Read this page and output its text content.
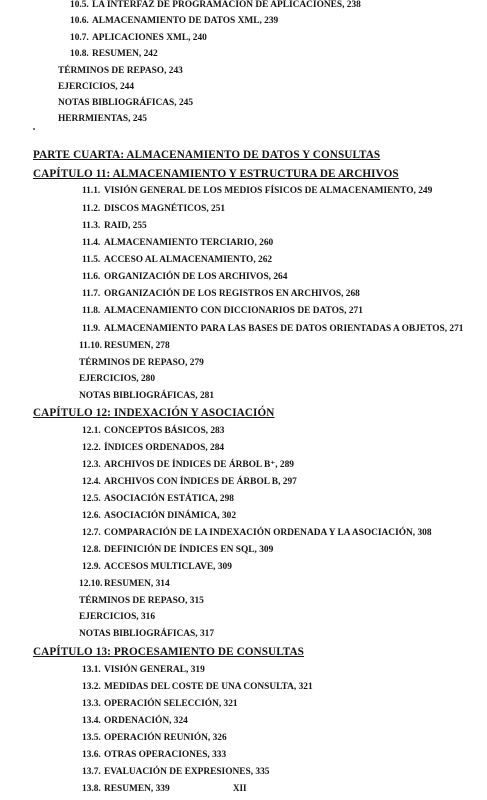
10.5. LA INTERFAZ DE PROGRAMACIÓN DE APLICACIONES, 238
10.6. ALMACENAMIENTO DE DATOS XML, 239
10.7. APLICACIONES XML, 240
10.8. RESUMEN, 242
TÉRMINOS DE REPASO, 243
EJERCICIOS, 244
NOTAS BIBLIOGRÁFICAS, 245
HERRMIENTAS, 245
PARTE CUARTA: ALMACENAMIENTO DE DATOS Y CONSULTAS
CAPÍTULO 11: ALMACENAMIENTO Y ESTRUCTURA DE ARCHIVOS
11.1. VISIÓN GENERAL DE LOS MEDIOS FÍSICOS DE ALMACENAMIENTO, 249
11.2. DISCOS MAGNÉTICOS, 251
11.3. RAID, 255
11.4. ALMACENAMIENTO TERCIARIO, 260
11.5. ACCESO AL ALMACENAMIENTO, 262
11.6. ORGANIZACIÓN DE LOS ARCHIVOS, 264
11.7. ORGANIZACIÓN DE LOS REGISTROS EN ARCHIVOS, 268
11.8. ALMACENAMIENTO CON DICCIONARIOS DE DATOS, 271
11.9. ALMACENAMIENTO PARA LAS BASES DE DATOS ORIENTADAS A OBJETOS, 271
11.10. RESUMEN, 278
TÉRMINOS DE REPASO, 279
EJERCICIOS, 280
NOTAS BIBLIOGRÁFICAS, 281
CAPÍTULO 12: INDEXACIÓN Y ASOCIACIÓN
12.1. CONCEPTOS BÁSICOS, 283
12.2. ÍNDICES ORDENADOS, 284
12.3. ARCHIVOS DE ÍNDICES DE ÁRBOL B⁺, 289
12.4. ARCHIVOS CON ÍNDICES DE ÁRBOL B, 297
12.5. ASOCIACIÓN ESTÁTICA, 298
12.6. ASOCIACIÓN DINÁMICA, 302
12.7. COMPARACIÓN DE LA INDEXACIÓN ORDENADA Y LA ASOCIACIÓN, 308
12.8. DEFINICIÓN DE ÍNDICES EN SQL, 309
12.9. ACCESOS MULTICLAVE, 309
12.10. RESUMEN, 314
TÉRMINOS DE REPASO, 315
EJERCICIOS, 316
NOTAS BIBLIOGRÁFICAS, 317
CAPÍTULO 13: PROCESAMIENTO DE CONSULTAS
13.1. VISIÓN GENERAL, 319
13.2. MEDIDAS DEL COSTE DE UNA CONSULTA, 321
13.3. OPERACIÓN SELECCIÓN, 321
13.4. ORDENACIÓN, 324
13.5. OPERACIÓN REUNIÓN, 326
13.6. OTRAS OPERACIONES, 333
13.7. EVALUACIÓN DE EXPRESIONES, 335
13.8. RESUMEN, 339	XII
